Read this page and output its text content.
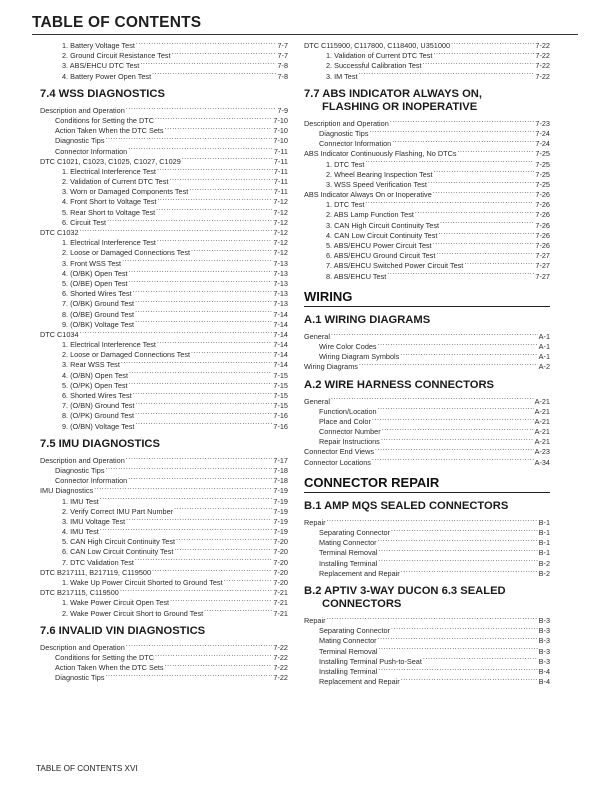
TABLE OF CONTENTS
1. Battery Voltage Test .....	7-7
2. Ground Circuit Resistance Test .....	7-7
3. ABS/EHCU DTC Test .....	7-8
4. Battery Power Open Test .....	7-8
7.4 WSS DIAGNOSTICS
Description and Operation .....	7-9
Conditions for Setting the DTC .....	7-10
Action Taken When the DTC Sets .....	7-10
Diagnostic Tips .....	7-10
Connector Information .....	7-11
DTC C1021, C1023, C1025, C1027, C1029 .....	7-11
1. Electrical Interference Test .....	7-11
2. Validation of Current DTC Test .....	7-11
3. Worn or Damaged Components Test .....	7-11
4. Front Short to Voltage Test .....	7-12
5. Rear Short to Voltage Test .....	7-12
6. Circuit Test .....	7-12
DTC C1032 .....	7-12
1. Electrical Interference Test .....	7-12
2. Loose or Damaged Connections Test .....	7-12
3. Front WSS Test .....	7-13
4. (O/BK) Open Test .....	7-13
5. (O/BE) Open Test .....	7-13
6. Shorted Wires Test .....	7-13
7. (O/BK) Ground Test .....	7-13
8. (O/BE) Ground Test .....	7-14
9. (O/BK) Voltage Test .....	7-14
DTC C1034 .....	7-14
1. Electrical Interference Test .....	7-14
2. Loose or Damaged Connections Test .....	7-14
3. Rear WSS Test .....	7-14
4. (O/BN) Open Test .....	7-15
5. (O/PK) Open Test .....	7-15
6. Shorted Wires Test .....	7-15
7. (O/BN) Ground Test .....	7-15
8. (O/PK) Ground Test .....	7-16
9. (O/BN) Voltage Test .....	7-16
7.5 IMU DIAGNOSTICS
Description and Operation .....	7-17
Diagnostic Tips .....	7-18
Connector Information .....	7-18
IMU Diagnostics .....	7-19
1. IMU Test .....	7-19
2. Verify Correct IMU Part Number .....	7-19
3. IMU Voltage Test .....	7-19
4. IMU Test .....	7-19
5. CAN High Circuit Continuity Test .....	7-20
6. CAN Low Circuit Continuity Test .....	7-20
7. DTC Validation Test .....	7-20
DTC B217111, B217119, C119500 .....	7-20
1. Wake Up Power Circuit Shorted to Ground Test .....	7-20
DTC B217115, C119500 .....	7-21
1. Wake Power Circuit Open Test .....	7-21
2. Wake Power Circuit Short to Ground Test .....	7-21
7.6 INVALID VIN DIAGNOSTICS
Description and Operation .....	7-22
Conditions for Setting the DTC .....	7-22
Action Taken When the DTC Sets .....	7-22
Diagnostic Tips .....	7-22
DTC C115900, C117800, C118400, U351000 .....	7-22
1. Validation of Current DTC Test .....	7-22
2. Successful Calibration Test .....	7-22
3. IM Test .....	7-22
7.7 ABS INDICATOR ALWAYS ON,
FLASHING OR INOPERATIVE
Description and Operation .....	7-23
Diagnostic Tips .....	7-24
Connector Information .....	7-24
ABS Indicator Continuously Flashing, No DTCs .....	7-25
1. DTC Test .....	7-25
2. Wheel Bearing Inspection Test .....	7-25
3. WSS Speed Verification Test .....	7-25
ABS Indicator Always On or Inoperative .....	7-26
1. DTC Test .....	7-26
2. ABS Lamp Function Test .....	7-26
3. CAN High Circuit Continuity Test .....	7-26
4. CAN Low Circuit Continuity Test .....	7-26
5. ABS/EHCU Power Circuit Test .....	7-26
6. ABS/EHCU Ground Circuit Test .....	7-27
7. ABS/EHCU Switched Power Circuit Test .....	7-27
8. ABS/EHCU Test .....	7-27
WIRING
A.1 WIRING DIAGRAMS
General .....	A-1
Wire Color Codes .....	A-1
Wiring Diagram Symbols .....	A-1
Wiring Diagrams .....	A-2
A.2 WIRE HARNESS CONNECTORS
General .....	A-21
Function/Location .....	A-21
Place and Color .....	A-21
Connector Number .....	A-21
Repair Instructions .....	A-21
Connector End Views .....	A-23
Connector Locations .....	A-34
CONNECTOR REPAIR
B.1 AMP MQS SEALED CONNECTORS
Repair .....	B-1
Separating Connector .....	B-1
Mating Connector .....	B-1
Terminal Removal .....	B-1
Installing Terminal .....	B-2
Replacement and Repair .....	B-2
B.2 APTIV 3-WAY DUCON 6.3 SEALED
CONNECTORS
Repair .....	B-3
Separating Connector .....	B-3
Mating Connector .....	B-3
Terminal Removal .....	B-3
Installing Terminal Push-to-Seat .....	B-3
Installing Terminal .....	B-4
Replacement and Repair .....	B-4
TABLE OF CONTENTS XVI
